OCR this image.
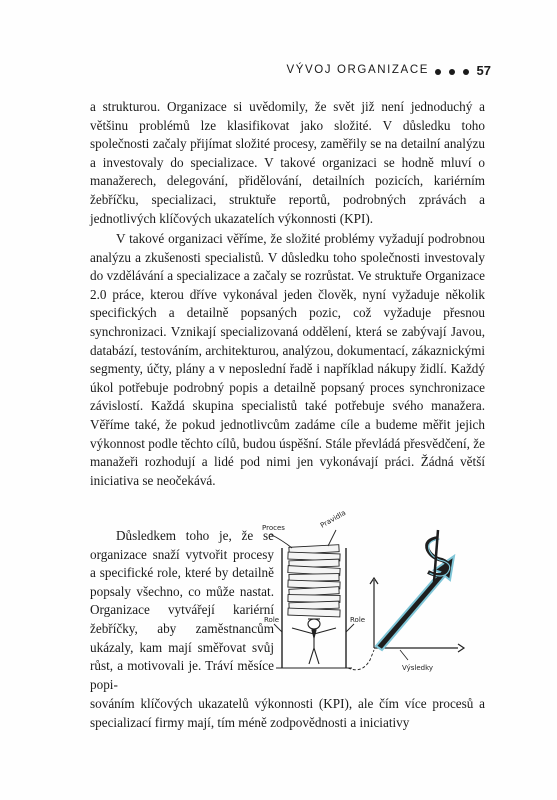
VÝVOJ ORGANIZACE	57
a strukturou. Organizace si uvědomily, že svět již není jednoduchý a většinu problémů lze klasifikovat jako složité. V důsledku toho společnosti začaly přijímat složité procesy, zaměřily se na detailní analýzu a investovaly do specializace. V takové organizaci se hodně mluví o manažerech, delegování, přidělování, detailních pozicích, kariérním žebříčku, specializaci, struktuře reportů, podrobných zprávách a jednotlivých klíčových ukazatelích výkonnosti (KPI).
V takové organizaci věříme, že složité problémy vyžadují podrobnou analýzu a zkušenosti specialistů. V důsledku toho společnosti investovaly do vzdělávání a specializace a začaly se rozrůstat. Ve struktuře Organizace 2.0 práce, kterou dříve vykonával jeden člověk, nyní vyžaduje několik specifických a detailně popsaných pozic, což vyžaduje přesnou synchronizaci. Vznikají specializovaná oddělení, která se zabývají Javou, databází, testováním, architekturou, analýzou, dokumentací, zákaznickými segmenty, účty, plány a v neposlední řadě i například nákupy židlí. Každý úkol potřebuje podrobný popis a detailně popsaný proces synchronizace závislostí. Každá skupina specialistů také potřebuje svého manažera. Věříme také, že pokud jednotlivcům zadáme cíle a budeme měřit jejich výkonnost podle těchto cílů, budou úspěšní. Stále převládá přesvědčení, že manažeři rozhodují a lidé pod nimi jen vykonávají práci. Žádná větší iniciativa se neočekává.
Důsledkem toho je, že se organizace snaží vytvořit procesy a specifické role, které by detailně popsaly všechno, co může nastat. Organizace vytvářejí kariérní žebříčky, aby zaměstnancům ukázaly, kam mají směřovat svůj růst, a motivovali je. Tráví měsíce popi-
sováním klíčových ukazatelů výkonnosti (KPI), ale čím více procesů a specializací firmy mají, tím méně zodpovědnosti a iniciativy
Proces	Pravidla
Role	Role
Výsledky
